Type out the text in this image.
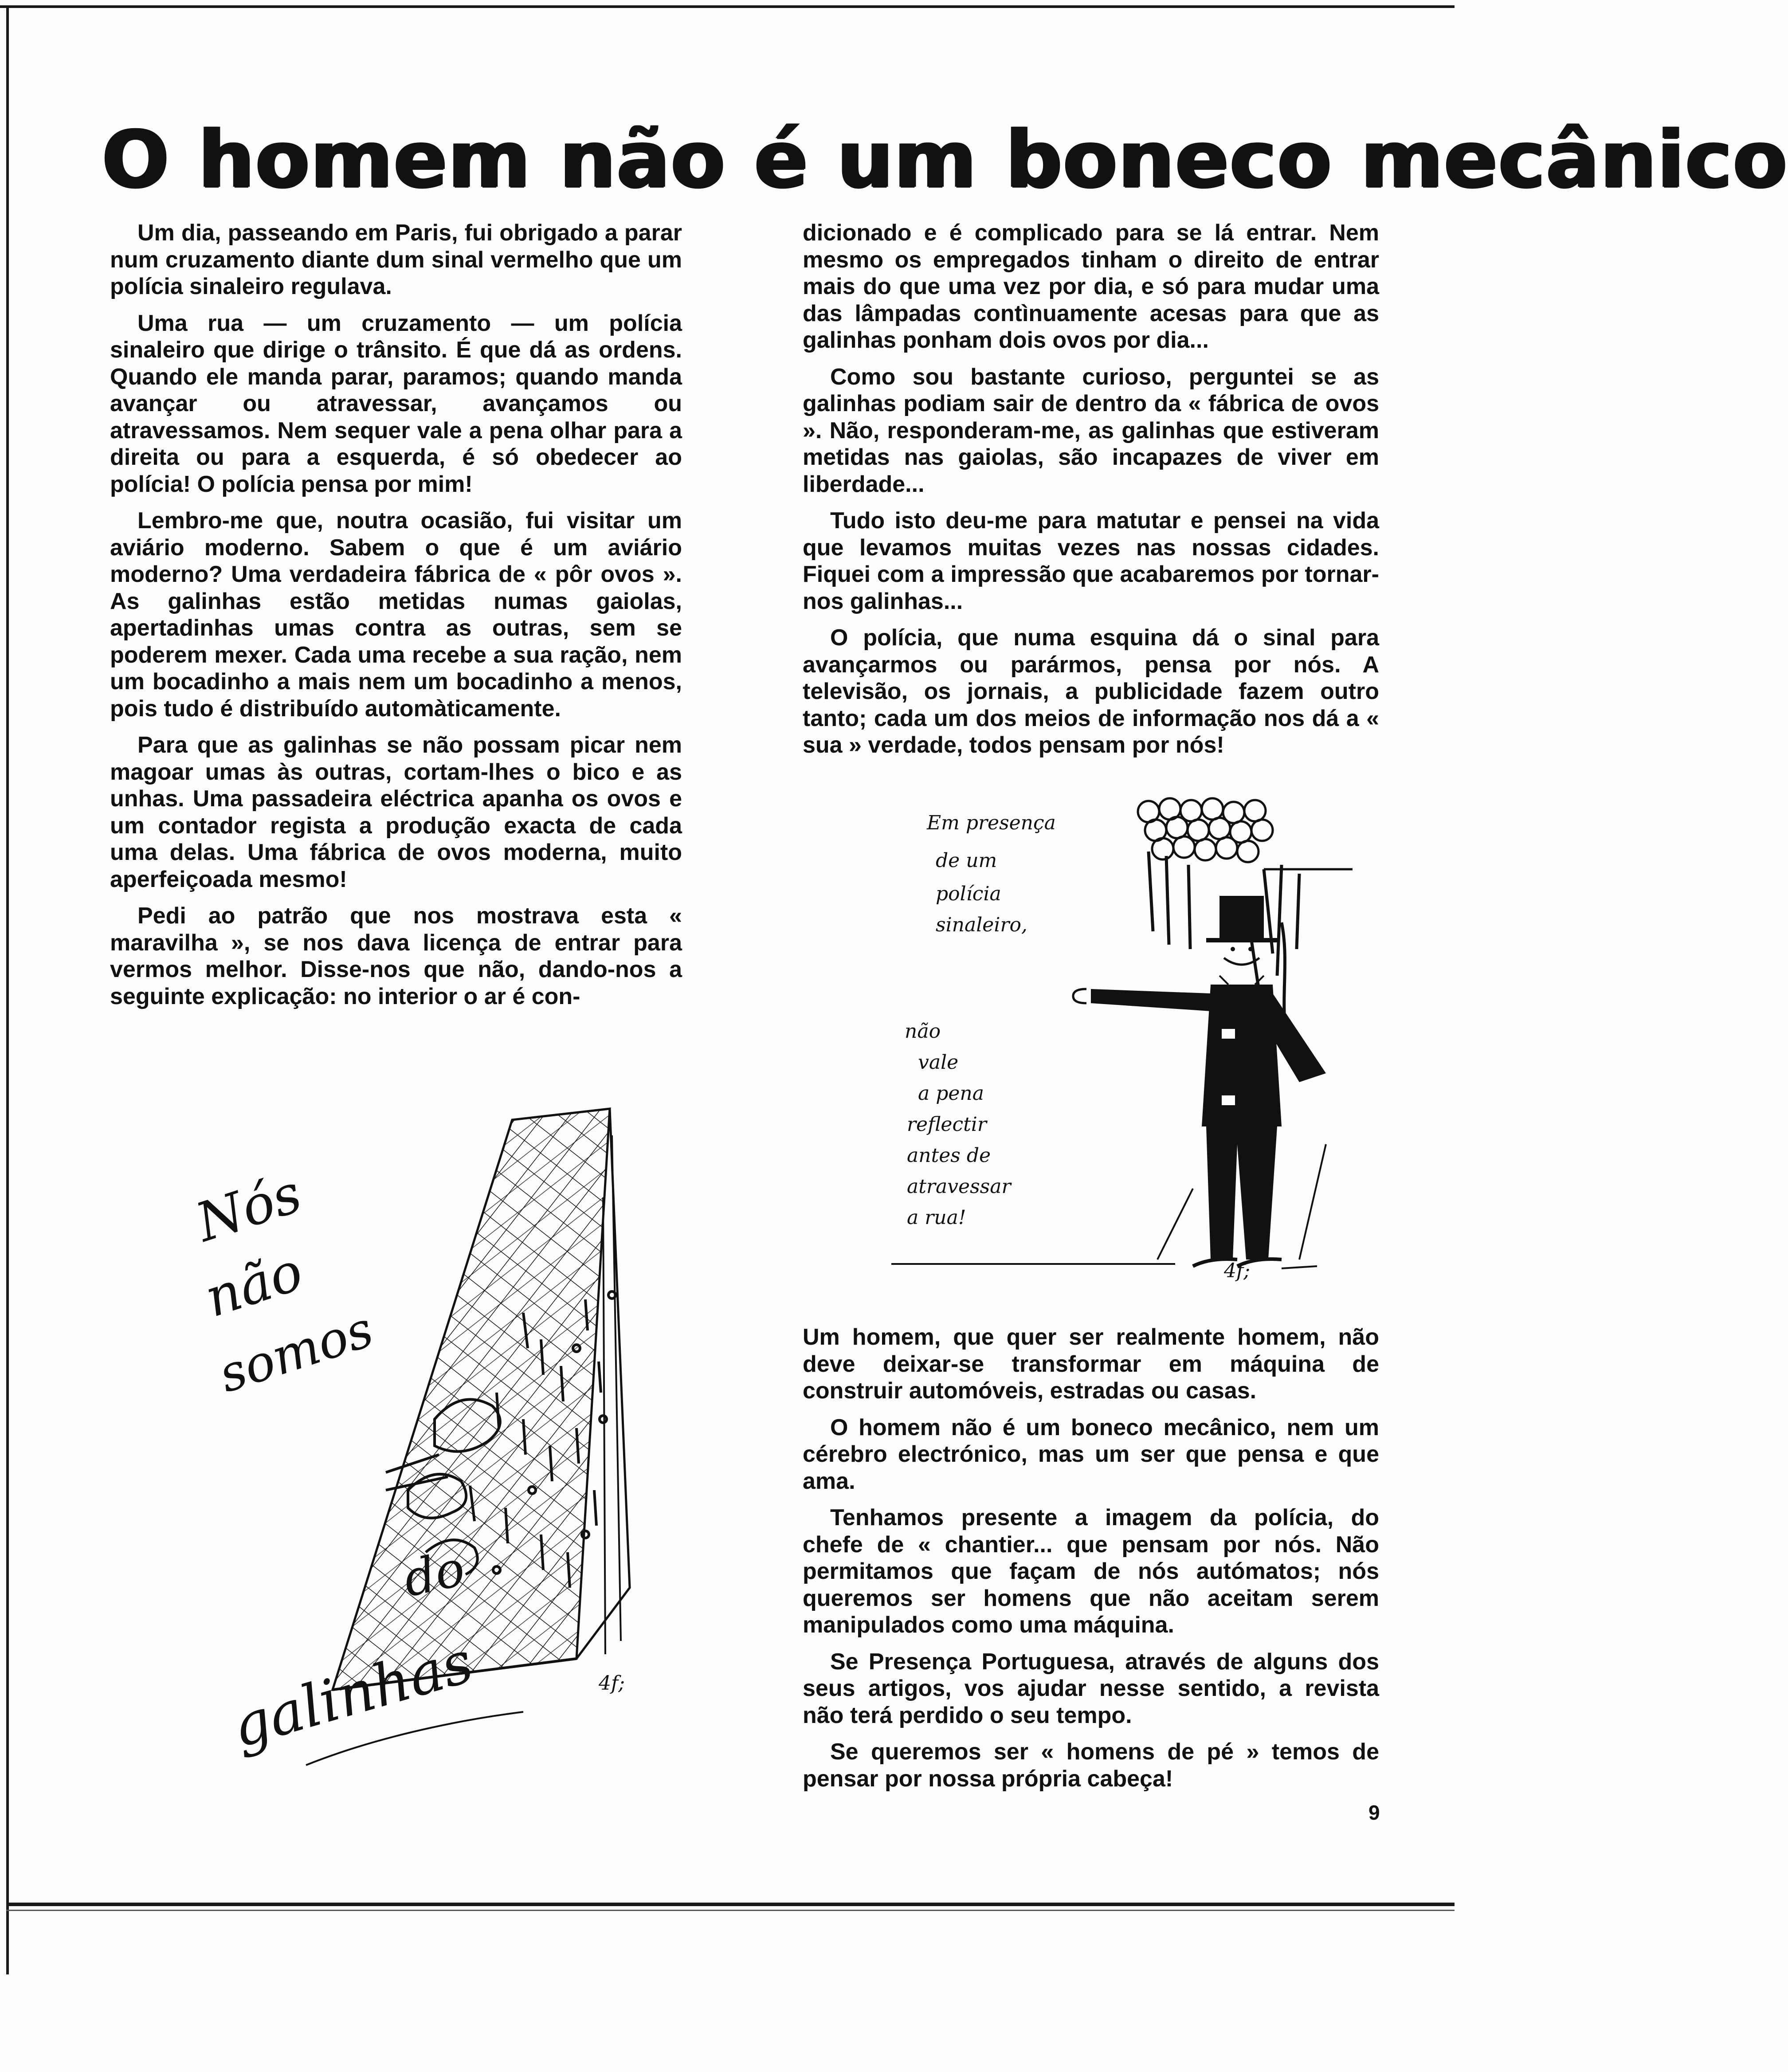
O homem não é um boneco mecânico

Um dia, passeando em Paris, fui obrigado a parar num cruzamento diante dum sinal vermelho que um polícia sinaleiro regulava.

Uma rua — um cruzamento — um polícia sinaleiro que dirige o trânsito. É que dá as ordens. Quando ele manda parar, paramos; quando manda avançar ou atravessar, avançamos ou atravessamos. Nem sequer vale a pena olhar para a direita ou para a esquerda, é só obedecer ao polícia! O polícia pensa por mim!

Lembro-me que, noutra ocasião, fui visitar um aviário moderno. Sabem o que é um aviário moderno? Uma verdadeira fábrica de « pôr ovos ». As galinhas estão metidas numas gaiolas, apertadinhas umas contra as outras, sem se poderem mexer. Cada uma recebe a sua ração, nem um bocadinho a mais nem um bocadinho a menos, pois tudo é distribuído automàticamente.

Para que as galinhas se não possam picar nem magoar umas às outras, cortam-lhes o bico e as unhas. Uma passadeira eléctrica apanha os ovos e um contador regista a produção exacta de cada uma delas. Uma fábrica de ovos moderna, muito aperfeiçoada mesmo!

Pedi ao patrão que nos mostrava esta « maravilha », se nos dava licença de entrar para vermos melhor. Disse-nos que não, dando-nos a seguinte explicação: no interior o ar é con-

dicionado e é complicado para se lá entrar. Nem mesmo os empregados tinham o direito de entrar mais do que uma vez por dia, e só para mudar uma das lâmpadas contìnuamente acesas para que as galinhas ponham dois ovos por dia...

Como sou bastante curioso, perguntei se as galinhas podiam sair de dentro da « fábrica de ovos ». Não, responderam-me, as galinhas que estiveram metidas nas gaiolas, são incapazes de viver em liberdade...

Tudo isto deu-me para matutar e pensei na vida que levamos muitas vezes nas nossas cidades. Fiquei com a impressão que acabaremos por tornar-nos galinhas...

O polícia, que numa esquina dá o sinal para avançarmos ou parármos, pensa por nós. A televisão, os jornais, a publicidade fazem outro tanto; cada um dos meios de informação nos dá a « sua » verdade, todos pensam por nós!

Nós
não
somos
do
galinhas	4f;
Em presença
de um
polícia
sinaleiro,
não
vale
a pena
reflectir
antes de
atravessar
a rua!
4f;

Um homem, que quer ser realmente homem, não deve deixar-se transformar em máquina de construir automóveis, estradas ou casas.

O homem não é um boneco mecânico, nem um cérebro electrónico, mas um ser que pensa e que ama.

Tenhamos presente a imagem da polícia, do chefe de « chantier... que pensam por nós. Não permitamos que façam de nós autómatos; nós queremos ser homens que não aceitam serem manipulados como uma máquina.

Se Presença Portuguesa, através de alguns dos seus artigos, vos ajudar nesse sentido, a revista não terá perdido o seu tempo.

Se queremos ser « homens de pé » temos de pensar por nossa própria cabeça!

9
